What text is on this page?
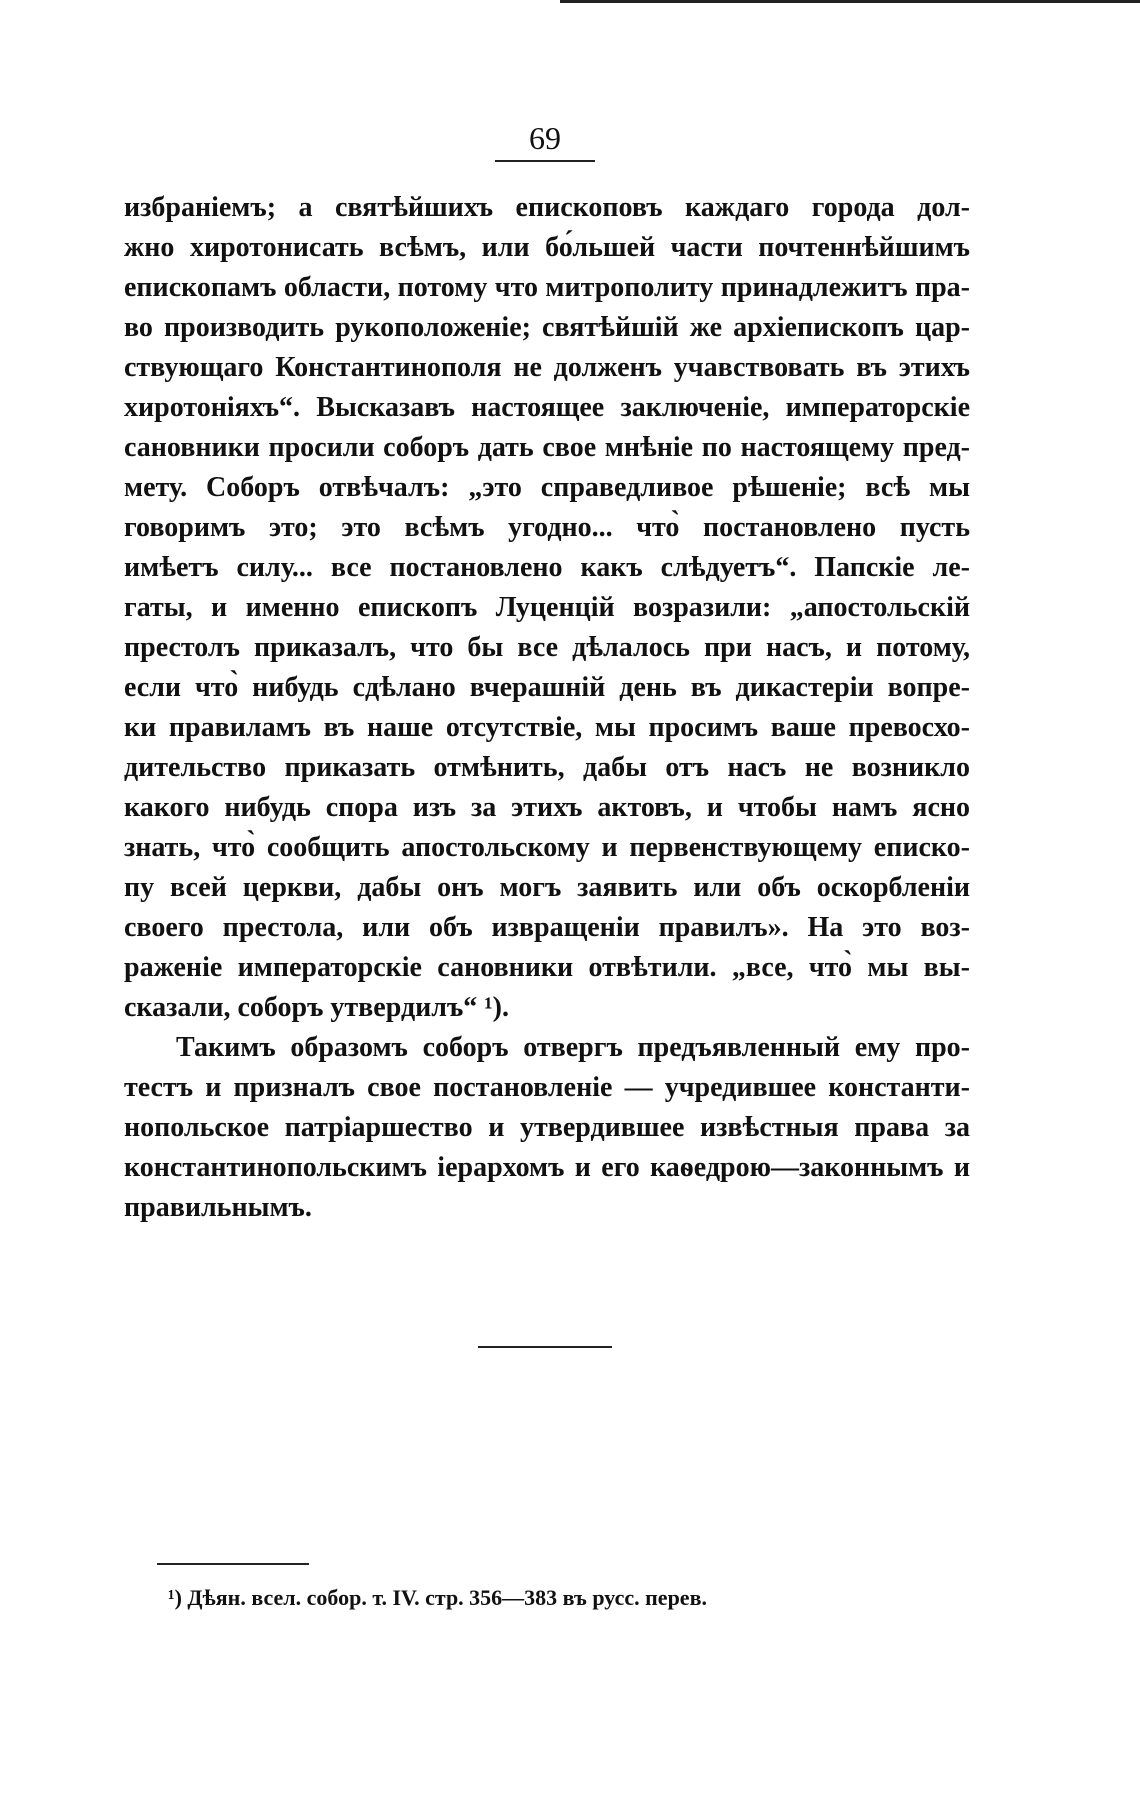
69
избраніемъ; а святѣйшихъ епископовъ каждаго города дол-
жно хиротонисать всѣмъ, или бо́льшей части почтеннѣйшимъ
епископамъ области, потому что митрополиту принадлежитъ пра-
во производить рукоположеніе; святѣйшій же архіепископъ цар-
ствующаго Константинополя не долженъ учавствовать въ этихъ
хиротоніяхъ“. Высказавъ настоящее заключеніе, императорскіе
сановники просили соборъ дать свое мнѣніе по настоящему пред-
мету. Соборъ отвѣчалъ: „это справедливое рѣшеніе; всѣ мы
говоримъ это; это всѣмъ угодно... что̀ постановлено пусть
имѣетъ силу... все постановлено какъ слѣдуетъ“. Папскіе ле-
гаты, и именно епископъ Луценцій возразили: „апостольскій
престолъ приказалъ, что бы все дѣлалось при насъ, и потому,
если что̀ нибудь сдѣлано вчерашній день въ дикастеріи вопре-
ки правиламъ въ наше отсутствіе, мы просимъ ваше превосхо-
дительство приказать отмѣнить, дабы отъ насъ не возникло
какого нибудь спора изъ за этихъ актовъ, и чтобы намъ ясно
знать, что̀ сообщить апостольскому и первенствующему еписко-
пу всей церкви, дабы онъ могъ заявить или объ оскорбленіи
своего престола, или объ извращеніи правилъ». На это воз-
раженіе императорскіе сановники отвѣтили. „все, что̀ мы вы-
сказали, соборъ утвердилъ“ ¹).
Такимъ образомъ соборъ отвергъ предъявленный ему про-
тестъ и призналъ свое постановленіе — учредившее константи-
нопольское патріаршество и утвердившее извѣстныя права за
константинопольскимъ іерархомъ и его каѳедрою—законнымъ и
правильнымъ.
¹) Дѣян. всел. собор. т. IV. стр. 356—383 въ русс. перев.
